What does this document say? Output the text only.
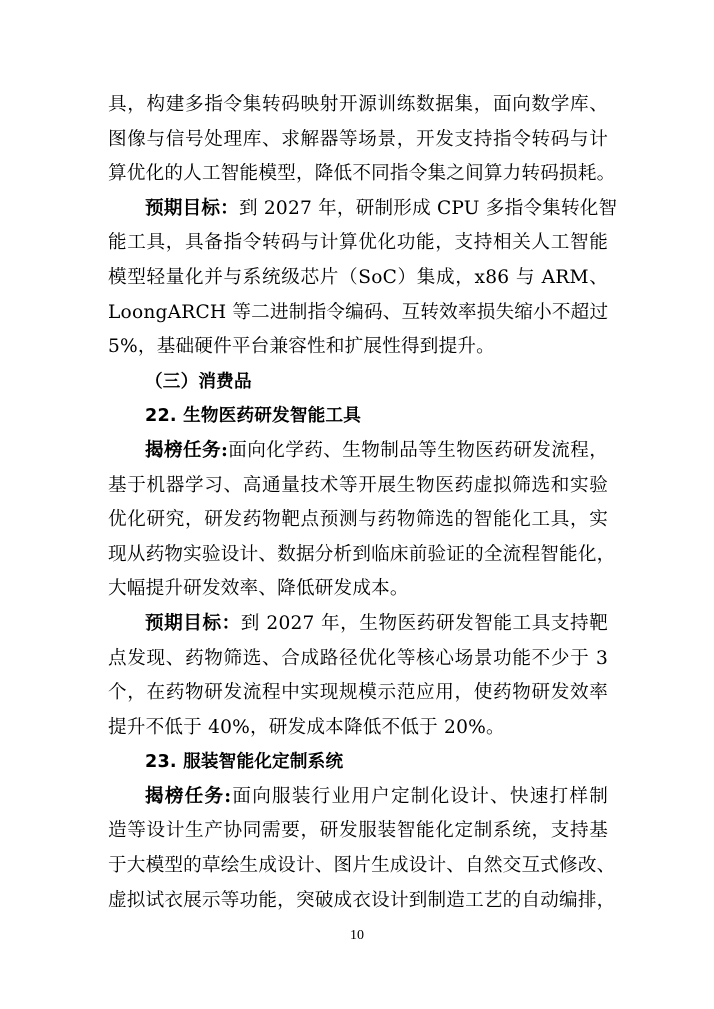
具，构建多指令集转码映射开源训练数据集，面向数学库、
图像与信号处理库、求解器等场景，开发支持指令转码与计
算优化的人工智能模型，降低不同指令集之间算力转码损耗。
预期目标：到 2027 年，研制形成 CPU 多指令集转化智
能工具，具备指令转码与计算优化功能，支持相关人工智能
模型轻量化并与系统级芯片（SoC）集成，x86 与 ARM、
LoongARCH 等二进制指令编码、互转效率损失缩小不超过
5%，基础硬件平台兼容性和扩展性得到提升。
（三）消费品
22. 生物医药研发智能工具
揭榜任务:面向化学药、生物制品等生物医药研发流程，
基于机器学习、高通量技术等开展生物医药虚拟筛选和实验
优化研究，研发药物靶点预测与药物筛选的智能化工具，实
现从药物实验设计、数据分析到临床前验证的全流程智能化，
大幅提升研发效率、降低研发成本。
预期目标：到 2027 年，生物医药研发智能工具支持靶
点发现、药物筛选、合成路径优化等核心场景功能不少于 3
个，在药物研发流程中实现规模示范应用，使药物研发效率
提升不低于 40%，研发成本降低不低于 20%。
23. 服装智能化定制系统
揭榜任务:面向服装行业用户定制化设计、快速打样制
造等设计生产协同需要，研发服装智能化定制系统，支持基
于大模型的草绘生成设计、图片生成设计、自然交互式修改、
虚拟试衣展示等功能，突破成衣设计到制造工艺的自动编排，
10
